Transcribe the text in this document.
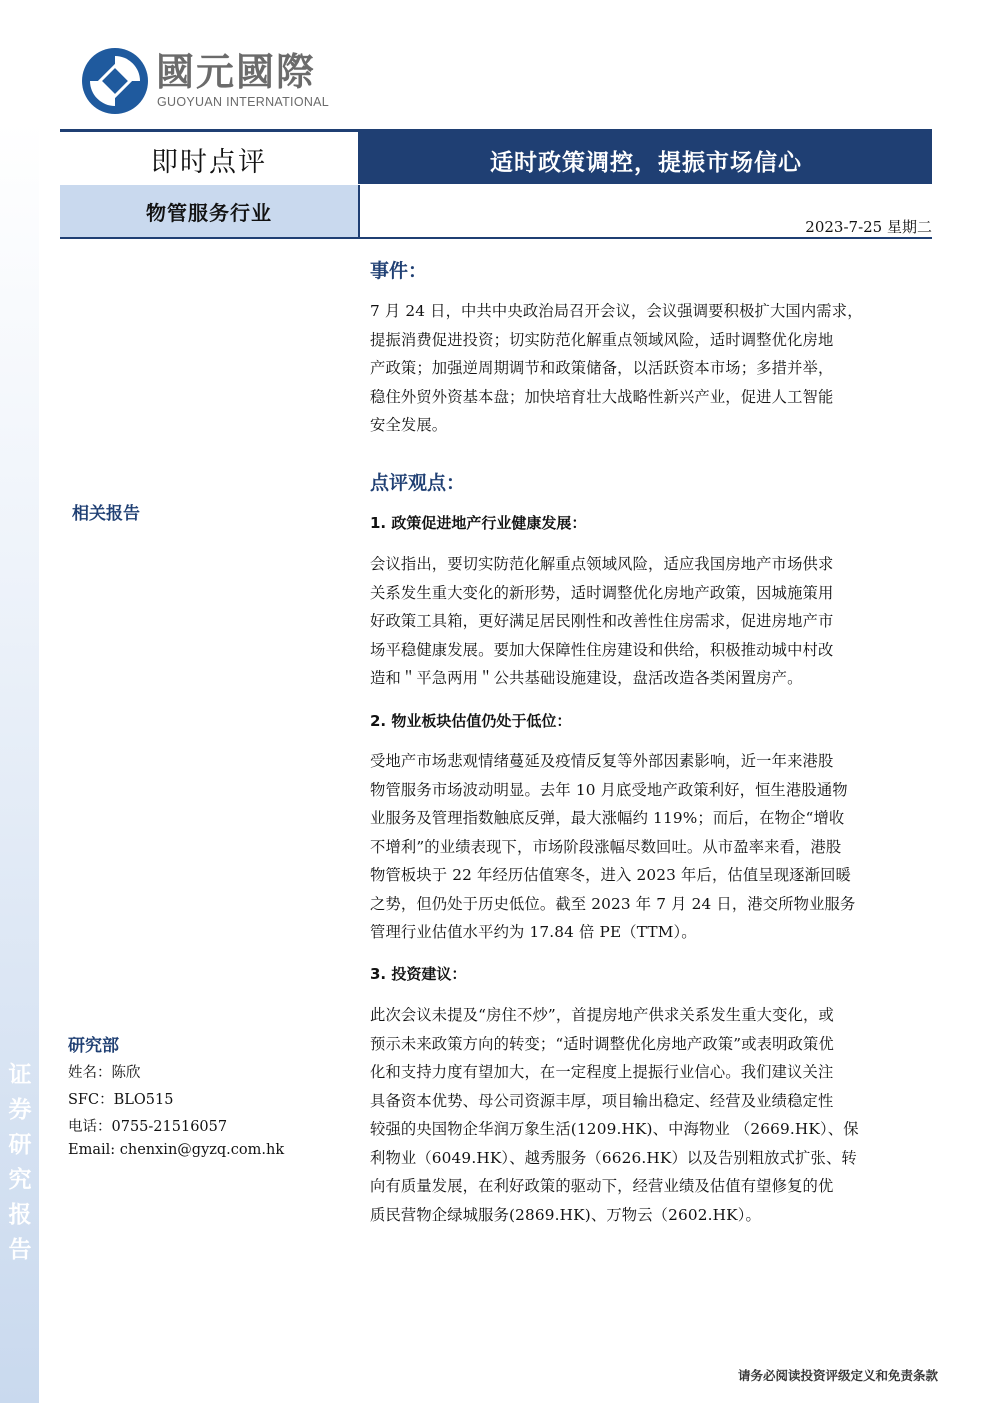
证
券
研
究
报
告
國元國際
GUOYUAN INTERNATIONAL
即时点评	适时政策调控，提振市场信心
物管服务行业
2023-7-25 星期二
相关报告
研究部
姓名：陈欣
SFC：BLO515
电话：0755-21516057
Email: chenxin@gyzq.com.hk
事件：
7 月 24 日，中共中央政治局召开会议，会议强调要积极扩大国内需求，
提振消费促进投资；切实防范化解重点领域风险，适时调整优化房地
产政策；加强逆周期调节和政策储备，以活跃资本市场；多措并举，
稳住外贸外资基本盘；加快培育壮大战略性新兴产业，促进人工智能
安全发展。
点评观点：
1. 政策促进地产行业健康发展：
会议指出，要切实防范化解重点领域风险，适应我国房地产市场供求
关系发生重大变化的新形势，适时调整优化房地产政策，因城施策用
好政策工具箱，更好满足居民刚性和改善性住房需求，促进房地产市
场平稳健康发展。要加大保障性住房建设和供给，积极推动城中村改
造和＂平急两用＂公共基础设施建设，盘活改造各类闲置房产。
2. 物业板块估值仍处于低位：
受地产市场悲观情绪蔓延及疫情反复等外部因素影响，近一年来港股
物管服务市场波动明显。去年 10 月底受地产政策利好，恒生港股通物
业服务及管理指数触底反弹，最大涨幅约 119%；而后，在物企“增收
不增利”的业绩表现下，市场阶段涨幅尽数回吐。从市盈率来看，港股
物管板块于 22 年经历估值寒冬，进入 2023 年后，估值呈现逐渐回暖
之势，但仍处于历史低位。截至 2023 年 7 月 24 日，港交所物业服务
管理行业估值水平约为 17.84 倍 PE（TTM）。
3. 投资建议：
此次会议未提及“房住不炒”，首提房地产供求关系发生重大变化，或
预示未来政策方向的转变；“适时调整优化房地产政策”或表明政策优
化和支持力度有望加大，在一定程度上提振行业信心。我们建议关注
具备资本优势、母公司资源丰厚，项目输出稳定、经营及业绩稳定性
较强的央国物企华润万象生活(1209.HK)、中海物业 （2669.HK）、保
利物业（6049.HK）、越秀服务（6626.HK）以及告别粗放式扩张、转
向有质量发展，在利好政策的驱动下，经营业绩及估值有望修复的优
质民营物企绿城服务(2869.HK)、万物云（2602.HK）。
请务必阅读投资评级定义和免责条款
